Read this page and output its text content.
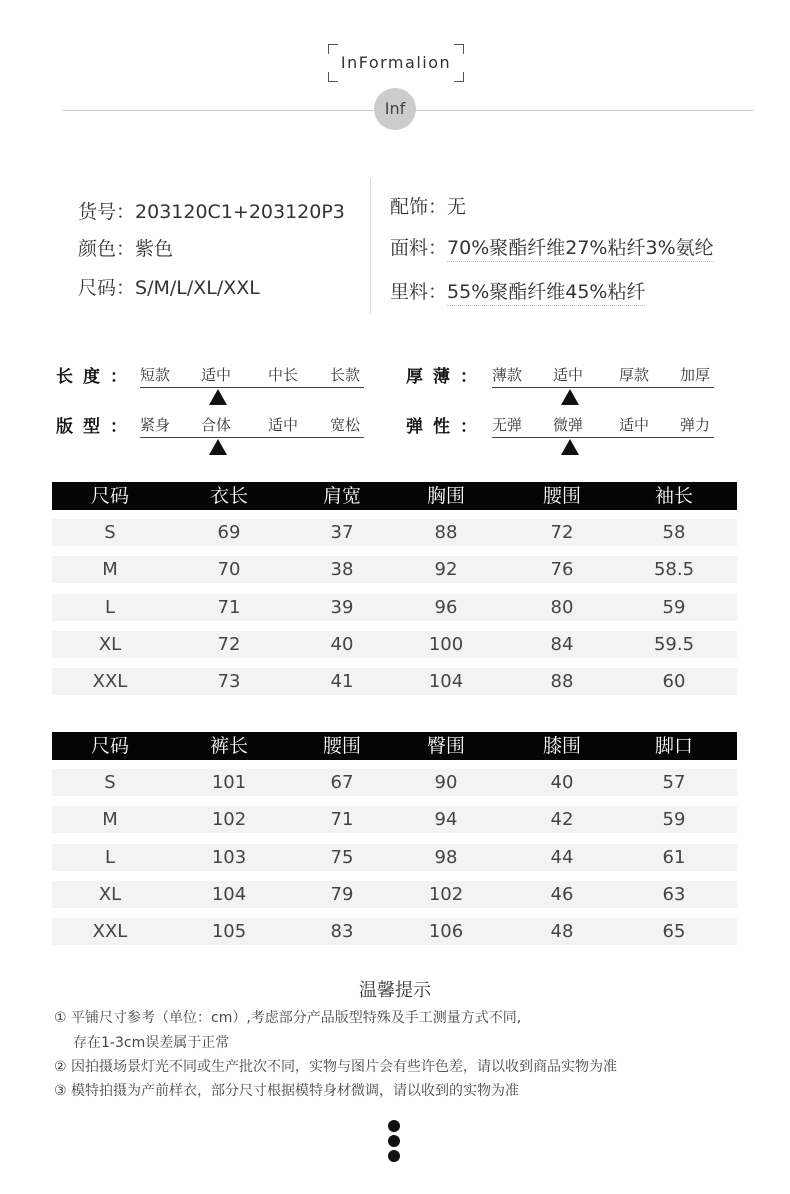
InFormalion
Inf
货号：203120C1+203120P3
颜色：紫色
尺码：S/M/L/XL/XXL
配饰：无
面料：70%聚酯纤维27%粘纤3%氨纶
里料：55%聚酯纤维45%粘纤
长度： 短款 适中 中长 长款
版型： 紧身 合体 适中 宽松
厚薄： 薄款 适中 厚款 加厚
弹性： 无弹 微弹 适中 弹力
尺码	衣长	肩宽	胸围	腰围	袖长
S	69	37	88	72	58
M	70	38	92	76	58.5
L	71	39	96	80	59
XL	72	40	100	84	59.5
XXL	73	41	104	88	60
尺码	裤长	腰围	臀围	膝围	脚口
S	101	67	90	40	57
M	102	71	94	42	59
L	103	75	98	44	61
XL	104	79	102	46	63
XXL	105	83	106	48	65
温馨提示
① 平铺尺寸参考（单位：cm）,考虑部分产品版型特殊及手工测量方式不同,
存在1-3cm误差属于正常
② 因拍摄场景灯光不同或生产批次不同，实物与图片会有些许色差，请以收到商品实物为准
③ 模特拍摄为产前样衣，部分尺寸根据模特身材微调，请以收到的实物为准
